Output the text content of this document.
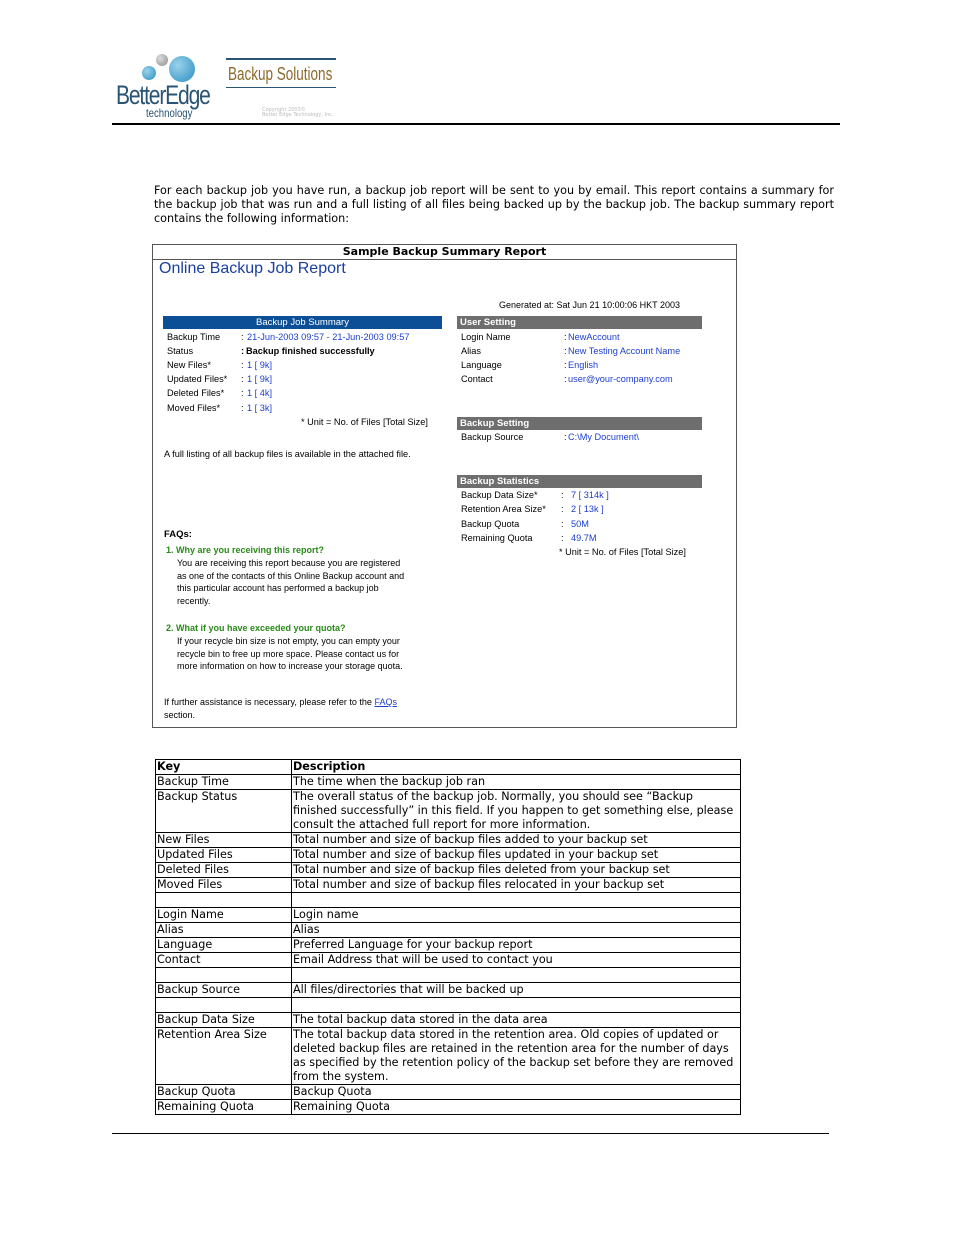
BetterEdge
technology
Backup Solutions
Copyright 2003©
Better Edge Technology, Inc.
For each backup job you have run, a backup job report will be sent to you by email. This report contains a summary for the backup job that was run and a full listing of all files being backed up by the backup job. The backup summary report contains the following information:
Sample Backup Summary Report
Online Backup Job Report
Generated at: Sat Jun 21 10:00:06 HKT 2003
Backup Job Summary
Backup Time : 21-Jun-2003 09:57 - 21-Jun-2003 09:57
Status	: Backup finished successfully
New Files*	: 1 [ 9k]
Updated Files* : 1 [ 9k]
Deleted Files* : 1 [ 4k]
Moved Files* : 1 [ 3k]
* Unit = No. of Files [Total Size]
A full listing of all backup files is available in the attached file.
User Setting
Login Name	: NewAccount
Alias	: New Testing Account Name
Language	: English
Contact	: user@your-company.com
Backup Setting
Backup Source	: C:\My Document\
Backup Statistics
Backup Data Size*	: 7 [ 314k ]
Retention Area Size* : 2 [ 13k ]
Backup Quota	: 50M
Remaining Quota	: 49.7M
* Unit = No. of Files [Total Size]
FAQs:
1. Why are you receiving this report?
You are receiving this report because you are registered
as one of the contacts of this Online Backup account and
this particular account has performed a backup job
recently.
2. What if you have exceeded your quota?
If your recycle bin size is not empty, you can empty your
recycle bin to free up more space. Please contact us for
more information on how to increase your storage quota.
If further assistance is necessary, please refer to the FAQs
section.
Key	Description
Backup Time	The time when the backup job ran
Backup Status	The overall status of the backup job. Normally, you should see “Backup finished successfully” in this field. If you happen to get something else, please consult the attached full report for more information.
New Files	Total number and size of backup files added to your backup set
Updated Files	Total number and size of backup files updated in your backup set
Deleted Files	Total number and size of backup files deleted from your backup set
Moved Files	Total number and size of backup files relocated in your backup set

Login Name	Login name
Alias	Alias
Language	Preferred Language for your backup report
Contact	Email Address that will be used to contact you

Backup Source	All files/directories that will be backed up

Backup Data Size	The total backup data stored in the data area
Retention Area Size	The total backup data stored in the retention area. Old copies of updated or deleted backup files are retained in the retention area for the number of days as specified by the retention policy of the backup set before they are removed from the system.
Backup Quota	Backup Quota
Remaining Quota	Remaining Quota
